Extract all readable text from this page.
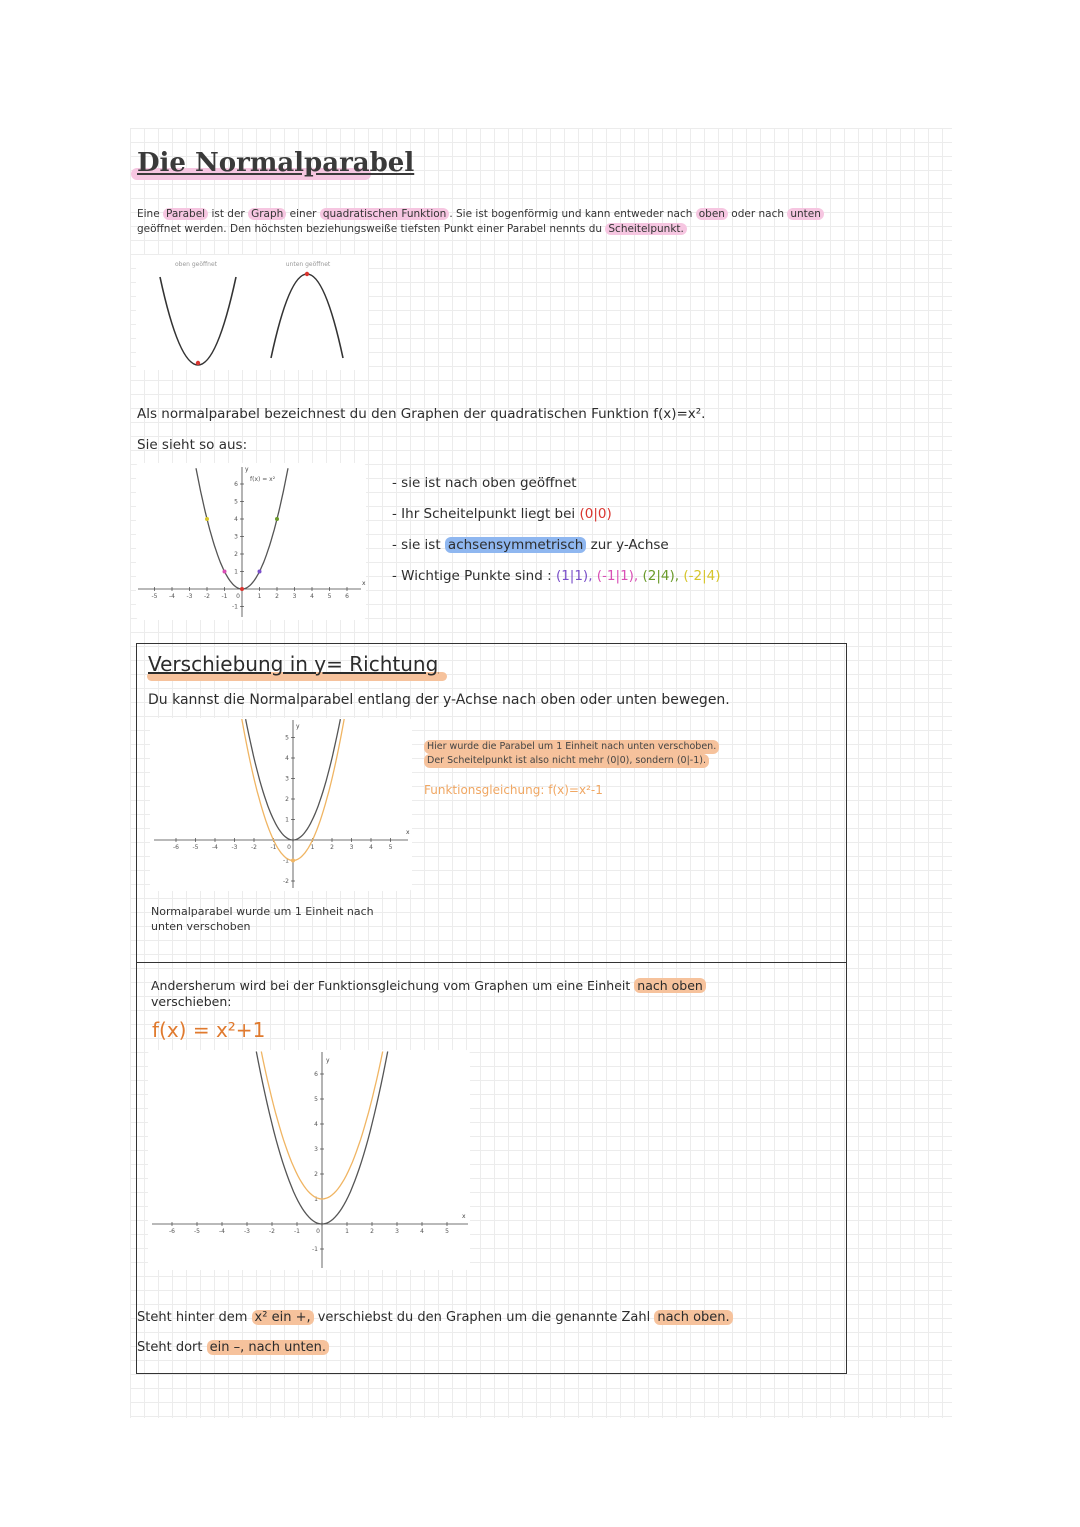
Die Normalparabel
Eine Parabel ist der Graph einer quadratischen Funktion . Sie ist bogenförmig und kann entweder nach oben oder nach unten
geöffnet werden. Den höchsten beziehungsweiße tiefsten Punkt einer Parabel nennts du Scheitelpunkt.
oben geöffnet	unten geöffnet
Als normalparabel bezeichnest du den Graphen der quadratischen Funktion f(x)=x².
Sie sieht so aus:
x
y
f(x) = x²
-5 -4 -3 -2 -1 0	1 2 3 4 5 6
6
5
4
3
2
1
-1
- sie ist nach oben geöffnet
- Ihr Scheitelpunkt liegt bei (0|0)
- sie ist achsensymmetrisch zur y-Achse
- Wichtige Punkte sind : (1|1), (-1|1), (2|4), (-2|4)
Verschiebung in y= Richtung
Du kannst die Normalparabel entlang der y-Achse nach oben oder unten bewegen.
x
y
-6 -5 -4 -3 -2 -1 0	1	2	3	4	5
5
4
3
2
1
-1
-2
Hier wurde die Parabel um 1 Einheit nach unten verschoben.
Der Scheitelpunkt ist also nicht mehr (0|0), sondern (0|-1).
Funktionsgleichung: f(x)=x²-1
Normalparabel wurde um 1 Einheit nach
unten verschoben
Andersherum wird bei der Funktionsgleichung vom Graphen um eine Einheit nach oben
verschieben:
f(x) = x²+1
x
y
-6	-5	-4	-3	-2	-1	0	1	2	3	4	5
6
5
4
3
2
1
-1
Steht hinter dem x² ein +, verschiebst du den Graphen um die genannte Zahl nach oben.
Steht dort ein –, nach unten.
